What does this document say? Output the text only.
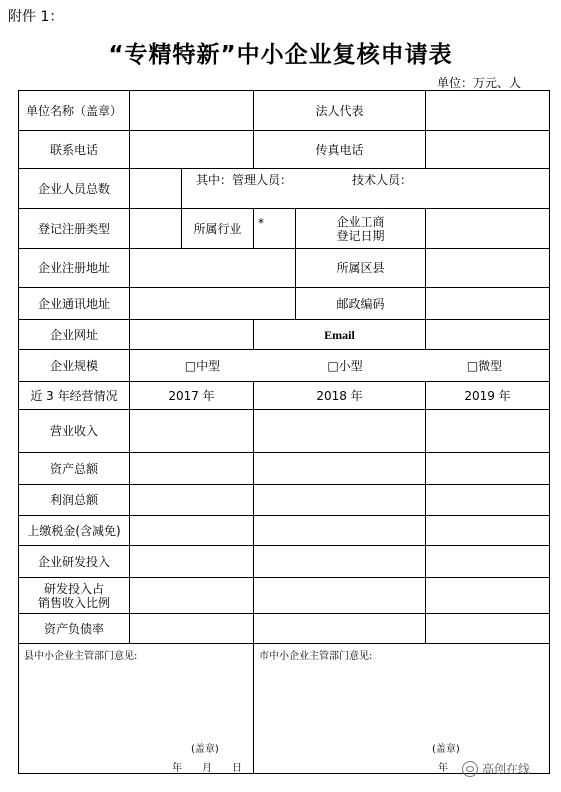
附件 1：
“专精特新”中小企业复核申请表
单位：万元、人
单位名称（盖章）	法人代表
联系电话	传真电话
企业人员总数
其中：管理人员：	技术人员：
登记注册类型	所属行业	*	企业工商
登记日期
企业注册地址	所属区县
企业通讯地址	邮政编码
企业网址	Email
企业规模	□中型	□小型	□微型
近 3 年经营情况	2017 年	2018 年	2019 年
营业收入
资产总额
利润总额
上缴税金(含减免)
企业研发投入
研发投入占
销售收入比例
资产负债率
县中小企业主管部门意见:	市中小企业主管部门意见:
(盖章)
年　　月　　日
(盖章)
年	高创在线
